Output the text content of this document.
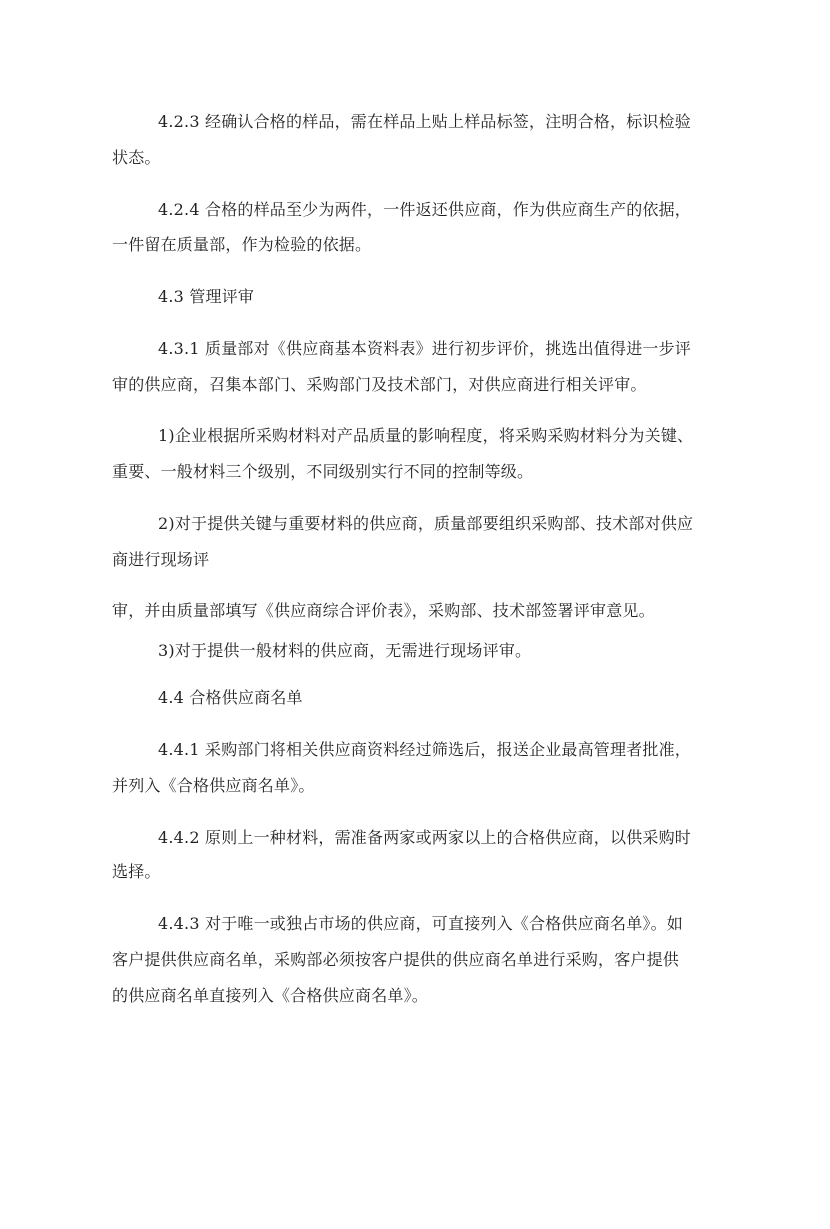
4.2.3 经确认合格的样品，需在样品上贴上样品标签，注明合格，标识检验
状态。
4.2.4 合格的样品至少为两件，一件返还供应商，作为供应商生产的依据，
一件留在质量部，作为检验的依据。
4.3 管理评审
4.3.1 质量部对《供应商基本资料表》进行初步评价，挑选出值得进一步评
审的供应商，召集本部门、采购部门及技术部门，对供应商进行相关评审。
1)企业根据所采购材料对产品质量的影响程度，将采购采购材料分为关键、
重要、一般材料三个级别，不同级别实行不同的控制等级。
2)对于提供关键与重要材料的供应商，质量部要组织采购部、技术部对供应
商进行现场评
审，并由质量部填写《供应商综合评价表》，采购部、技术部签署评审意见。
3)对于提供一般材料的供应商，无需进行现场评审。
4.4 合格供应商名单
4.4.1 采购部门将相关供应商资料经过筛选后，报送企业最高管理者批准，
并列入《合格供应商名单》。
4.4.2 原则上一种材料，需准备两家或两家以上的合格供应商，以供采购时
选择。
4.4.3 对于唯一或独占市场的供应商，可直接列入《合格供应商名单》。如
客户提供供应商名单，采购部必须按客户提供的供应商名单进行采购，客户提供
的供应商名单直接列入《合格供应商名单》。
